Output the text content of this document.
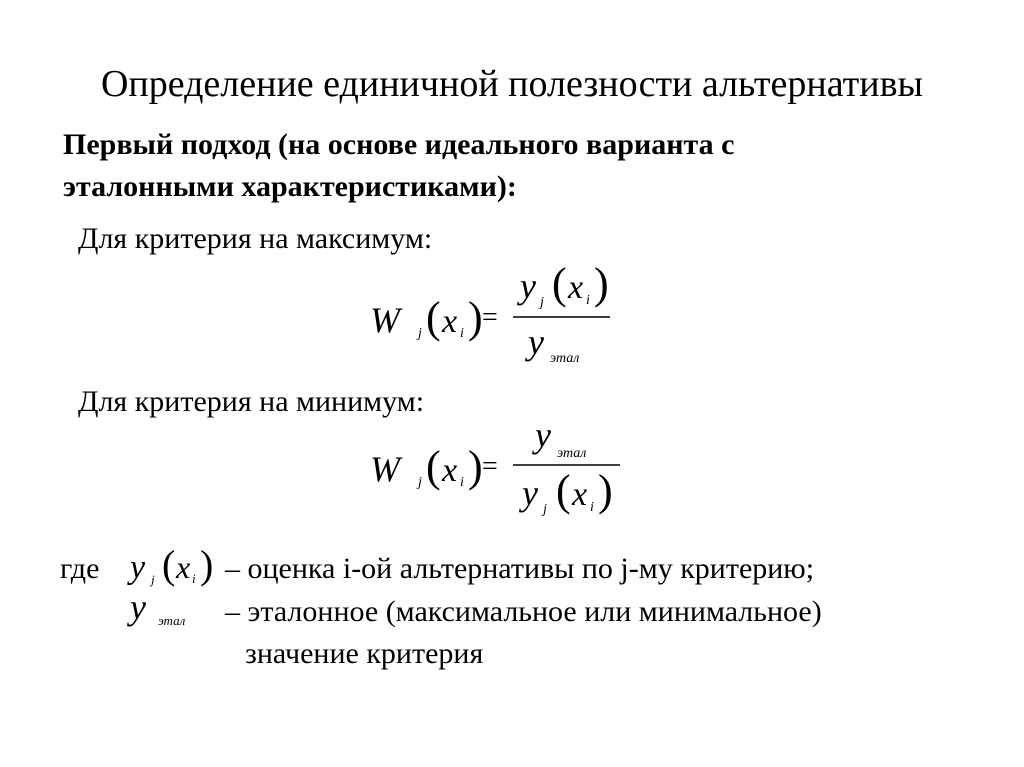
Определение единичной полезности альтернативы
Первый подход (на основе идеального варианта с
эталонными характеристиками):
Для критерия на максимум:
W j ( x i ) =
y j ( x i )
y этал
Для критерия на минимум:
W j ( x i ) =
y этал
y j ( x i )
где y j ( x i ) – оценка i-ой альтернативы по j-му критерию;
y этал – эталонное (максимальное или минимальное)
значение критерия
